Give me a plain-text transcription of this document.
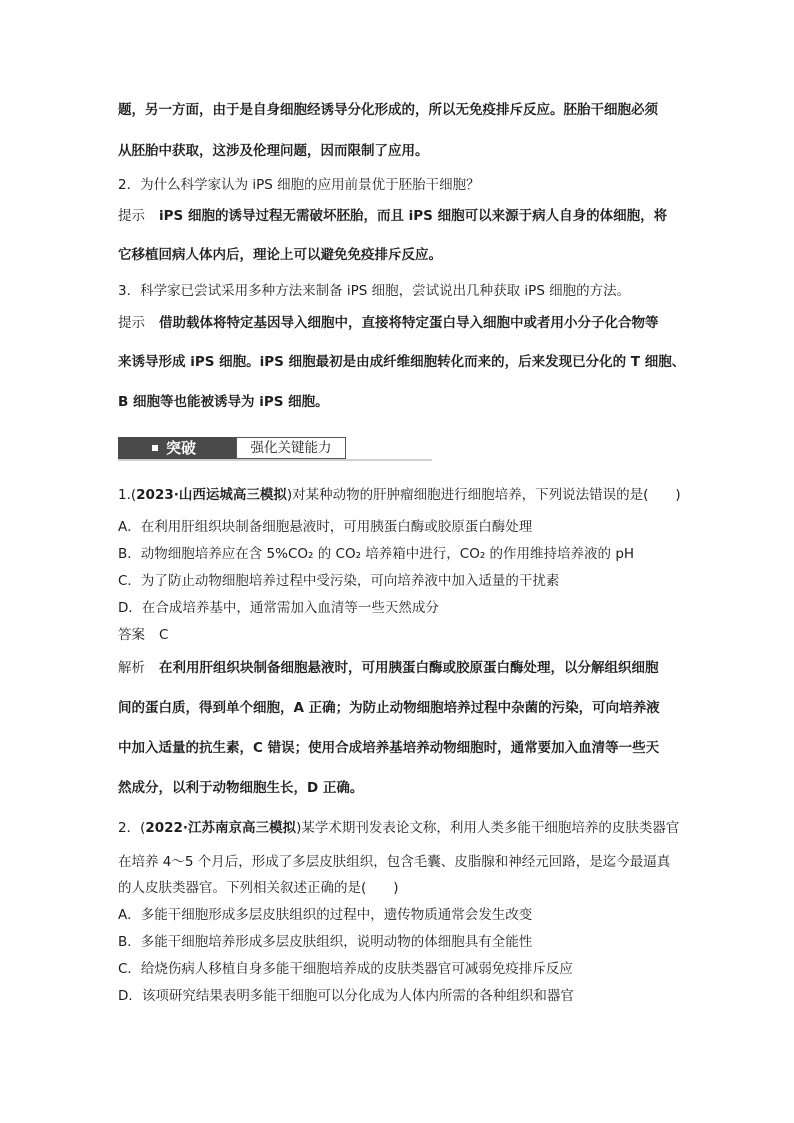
题，另一方面，由于是自身细胞经诱导分化形成的，所以无免疫排斥反应。胚胎干细胞必须
从胚胎中获取，这涉及伦理问题，因而限制了应用。
2．为什么科学家认为 iPS 细胞的应用前景优于胚胎干细胞？
提示 iPS 细胞的诱导过程无需破坏胚胎，而且 iPS 细胞可以来源于病人自身的体细胞，将
它移植回病人体内后，理论上可以避免免疫排斥反应。
3．科学家已尝试采用多种方法来制备 iPS 细胞，尝试说出几种获取 iPS 细胞的方法。
提示 借助载体将特定基因导入细胞中，直接将特定蛋白导入细胞中或者用小分子化合物等
来诱导形成 iPS 细胞。iPS 细胞最初是由成纤维细胞转化而来的，后来发现已分化的 T 细胞、
B 细胞等也能被诱导为 iPS 细胞。
突破	强化关键能力
1.(2023·山西运城高三模拟)对某种动物的肝肿瘤细胞进行细胞培养，下列说法错误的是(　　)
A．在利用肝组织块制备细胞悬液时，可用胰蛋白酶或胶原蛋白酶处理
B．动物细胞培养应在含 5%CO₂ 的 CO₂ 培养箱中进行，CO₂ 的作用维持培养液的 pH
C．为了防止动物细胞培养过程中受污染，可向培养液中加入适量的干扰素
D．在合成培养基中，通常需加入血清等一些天然成分
答案 C
解析 在利用肝组织块制备细胞悬液时，可用胰蛋白酶或胶原蛋白酶处理，以分解组织细胞
间的蛋白质，得到单个细胞，A 正确；为防止动物细胞培养过程中杂菌的污染，可向培养液
中加入适量的抗生素，C 错误；使用合成培养基培养动物细胞时，通常要加入血清等一些天
然成分，以利于动物细胞生长，D 正确。
2．(2022·江苏南京高三模拟)某学术期刊发表论文称，利用人类多能干细胞培养的皮肤类器官
在培养 4～5 个月后，形成了多层皮肤组织，包含毛囊、皮脂腺和神经元回路，是迄今最逼真
的人皮肤类器官。下列相关叙述正确的是(　　)
A．多能干细胞形成多层皮肤组织的过程中，遗传物质通常会发生改变
B．多能干细胞培养形成多层皮肤组织，说明动物的体细胞具有全能性
C．给烧伤病人移植自身多能干细胞培养成的皮肤类器官可减弱免疫排斥反应
D．该项研究结果表明多能干细胞可以分化成为人体内所需的各种组织和器官
